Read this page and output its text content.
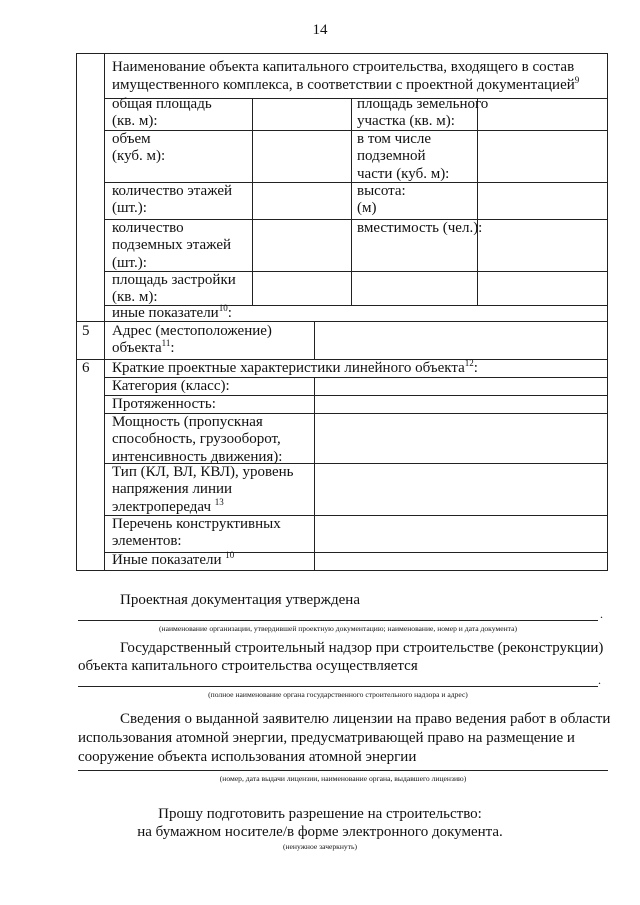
14
Наименование объекта капитального строительства, входящего в состав
имущественного комплекса, в соответствии с проектной документацией$^9$
общая площадь
(кв. м):
площадь земельного
участка (кв. м):
объем
(куб. м):
в том числе
подземной
части (куб. м):
количество этажей
(шт.):
высота:
(м)
количество
подземных этажей
(шт.):
вместимость (чел.):
площадь застройки
(кв. м):
иные показатели$^{10}$:
5 Адрес (местоположение)
объекта$^{11}$:
6 Краткие проектные характеристики линейного объекта$^{12}$:
Категория (класс):
Протяженность:
Мощность (пропускная
способность, грузооборот,
интенсивность движения):
Тип (КЛ, ВЛ, КВЛ), уровень
напряжения линии
электропередач $^{13}$
Перечень конструктивных
элементов:
Иные показатели $^{10}$
Проектная документация утверждена
.
(наименование организации, утвердившей проектную документацию; наименование, номер и дата документа)
Государственный строительный надзор при строительстве (реконструкции)
объекта капитального строительства осуществляется
.
(полное наименование органа государственного строительного надзора и адрес)
Сведения о выданной заявителю лицензии на право ведения работ в области
использования атомной энергии, предусматривающей право на размещение и
сооружение объекта использования атомной энергии
(номер, дата выдачи лицензии, наименование органа, выдавшего лицензию)
Прошу подготовить разрешение на строительство:
на бумажном носителе/в форме электронного документа.
(ненужное зачеркнуть)
